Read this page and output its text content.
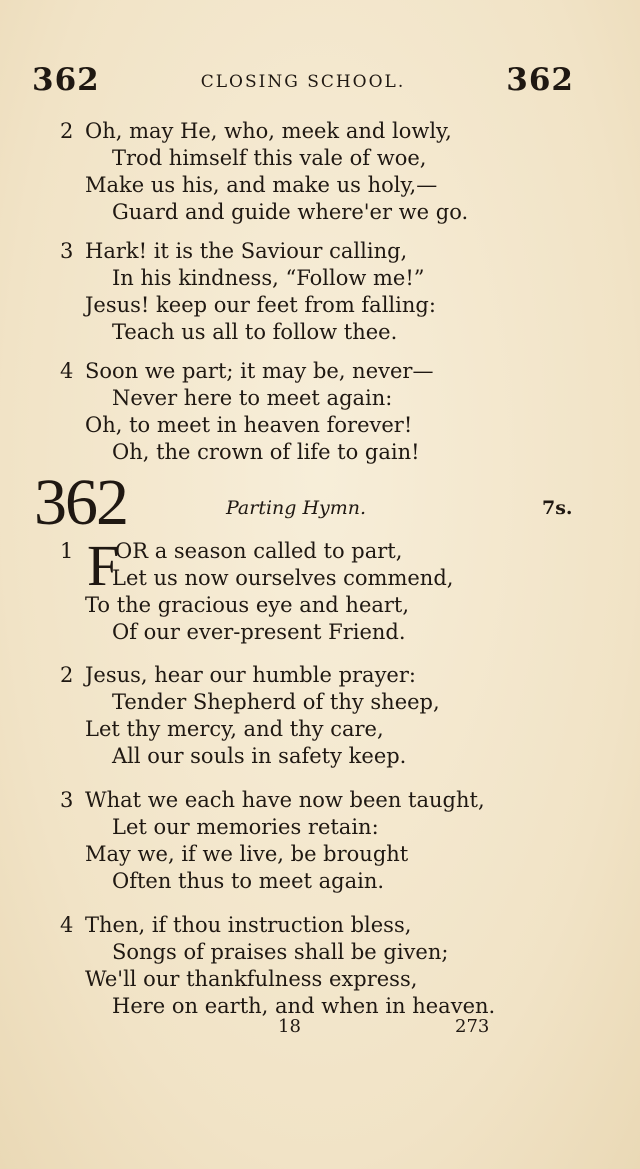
362	CLOSING SCHOOL.	362
2 Oh, may He, who, meek and lowly,
Trod himself this vale of woe,
Make us his, and make us holy,—
Guard and guide where'er we go.
3 Hark! it is the Saviour calling,
In his kindness, “Follow me!”
Jesus! keep our feet from falling:
Teach us all to follow thee.
4 Soon we part; it may be, never—
Never here to meet again:
Oh, to meet in heaven forever!
Oh, the crown of life to gain!
362	Parting Hymn.	7s.
F
1 OR a season called to part,
Let us now ourselves commend,
To the gracious eye and heart,
Of our ever-present Friend.
2 Jesus, hear our humble prayer:
Tender Shepherd of thy sheep,
Let thy mercy, and thy care,
All our souls in safety keep.
3 What we each have now been taught,
Let our memories retain:
May we, if we live, be brought
Often thus to meet again.
4 Then, if thou instruction bless,
Songs of praises shall be given;
We'll our thankfulness express,
Here on earth, and when in heaven.
18	273
